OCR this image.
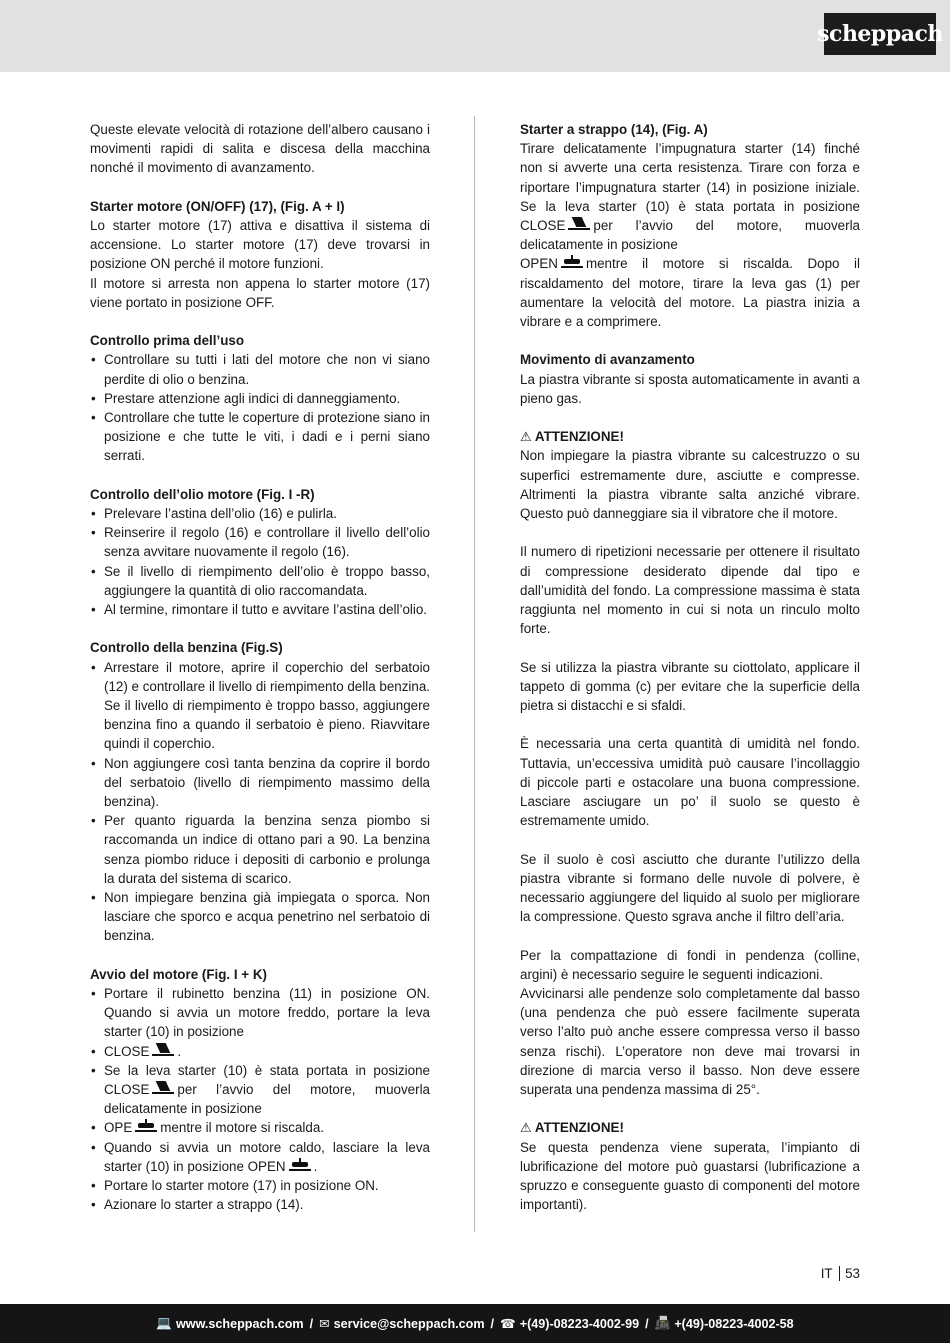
scheppach

Queste elevate velocità di rotazione dell’albero causano i movimenti rapidi di salita e discesa della macchina nonché il movimento di avanzamento.

Starter motore (ON/OFF) (17), (Fig. A + I)

Lo starter motore (17) attiva e disattiva il sistema di accensione. Lo starter motore (17) deve trovarsi in posizione ON perché il motore funzioni.

Il motore si arresta non appena lo starter motore (17) viene portato in posizione OFF.

Controllo prima dell’uso

• Controllare su tutti i lati del motore che non vi siano perdite di olio o benzina.
• Prestare attenzione agli indici di danneggiamento.
• Controllare che tutte le coperture di protezione siano in posizione e che tutte le viti, i dadi e i perni siano serrati.

Controllo dell’olio motore (Fig. I -R)

• Prelevare l’astina dell’olio (16) e pulirla.
• Reinserire il regolo (16) e controllare il livello dell’olio senza avvitare nuovamente il regolo (16).
• Se il livello di riempimento dell’olio è troppo basso, aggiungere la quantità di olio raccomandata.
• Al termine, rimontare il tutto e avvitare l’astina dell’olio.

Controllo della benzina (Fig.S)

• Arrestare il motore, aprire il coperchio del serbatoio (12) e controllare il livello di riempimento della benzina. Se il livello di riempimento è troppo basso, aggiungere benzina fino a quando il serbatoio è pieno. Riavvitare quindi il coperchio.
• Non aggiungere così tanta benzina da coprire il bordo del serbatoio (livello di riempimento massimo della benzina).
• Per quanto riguarda la benzina senza piombo si raccomanda un indice di ottano pari a 90. La benzina senza piombo riduce i depositi di carbonio e prolunga la durata del sistema di scarico.
• Non impiegare benzina già impiegata o sporca. Non lasciare che sporco e acqua penetrino nel serbatoio di benzina.

Avvio del motore (Fig. I + K)

• Portare il rubinetto benzina (11) in posizione ON. Quando si avvia un motore freddo, portare la leva starter (10) in posizione
• CLOSE .
• Se la leva starter (10) è stata portata in posizione CLOSE per l’avvio del motore, muoverla delicatamente in posizione
• OPE mentre il motore si riscalda.
• Quando si avvia un motore caldo, lasciare la leva starter (10) in posizione OPEN .
• Portare lo starter motore (17) in posizione ON.
• Azionare lo starter a strappo (14).

Starter a strappo (14), (Fig. A)

Tirare delicatamente l’impugnatura starter (14) finché non si avverte una certa resistenza. Tirare con forza e riportare l’impugnatura starter (14) in posizione iniziale. Se la leva starter (10) è stata portata in posizione CLOSE per l’avvio del motore, muoverla delicatamente in posizione

OPEN mentre il motore si riscalda. Dopo il riscaldamento del motore, tirare la leva gas (1) per aumentare la velocità del motore. La piastra inizia a vibrare e a comprimere.

Movimento di avanzamento

La piastra vibrante si sposta automaticamente in avanti a pieno gas.

⚠ ATTENZIONE!

Non impiegare la piastra vibrante su calcestruzzo o su superfici estremamente dure, asciutte e compresse. Altrimenti la piastra vibrante salta anziché vibrare. Questo può danneggiare sia il vibratore che il motore.

Il numero di ripetizioni necessarie per ottenere il risultato di compressione desiderato dipende dal tipo e dall’umidità del fondo. La compressione massima è stata raggiunta nel momento in cui si nota un rinculo molto forte.

Se si utilizza la piastra vibrante su ciottolato, applicare il tappeto di gomma (c) per evitare che la superficie della pietra si distacchi e si sfaldi.

È necessaria una certa quantità di umidità nel fondo. Tuttavia, un’eccessiva umidità può causare l’incollaggio di piccole parti e ostacolare una buona compressione. Lasciare asciugare un po’ il suolo se questo è estremamente umido.

Se il suolo è così asciutto che durante l’utilizzo della piastra vibrante si formano delle nuvole di polvere, è necessario aggiungere del liquido al suolo per migliorare la compressione. Questo sgrava anche il filtro dell’aria.

Per la compattazione di fondi in pendenza (colline, argini) è necessario seguire le seguenti indicazioni.

Avvicinarsi alle pendenze solo completamente dal basso (una pendenza che può essere facilmente superata verso l’alto può anche essere compressa verso il basso senza rischi). L’operatore non deve mai trovarsi in direzione di marcia verso il basso. Non deve essere superata una pendenza massima di 25°.

⚠ ATTENZIONE!

Se questa pendenza viene superata, l’impianto di lubrificazione del motore può guastarsi (lubrificazione a spruzzo e conseguente guasto di componenti del motore importanti).

IT 53
💻 www.scheppach.com / ✉ service@scheppach.com / ☎ +(49)-08223-4002-99 / 📠 +(49)-08223-4002-58
